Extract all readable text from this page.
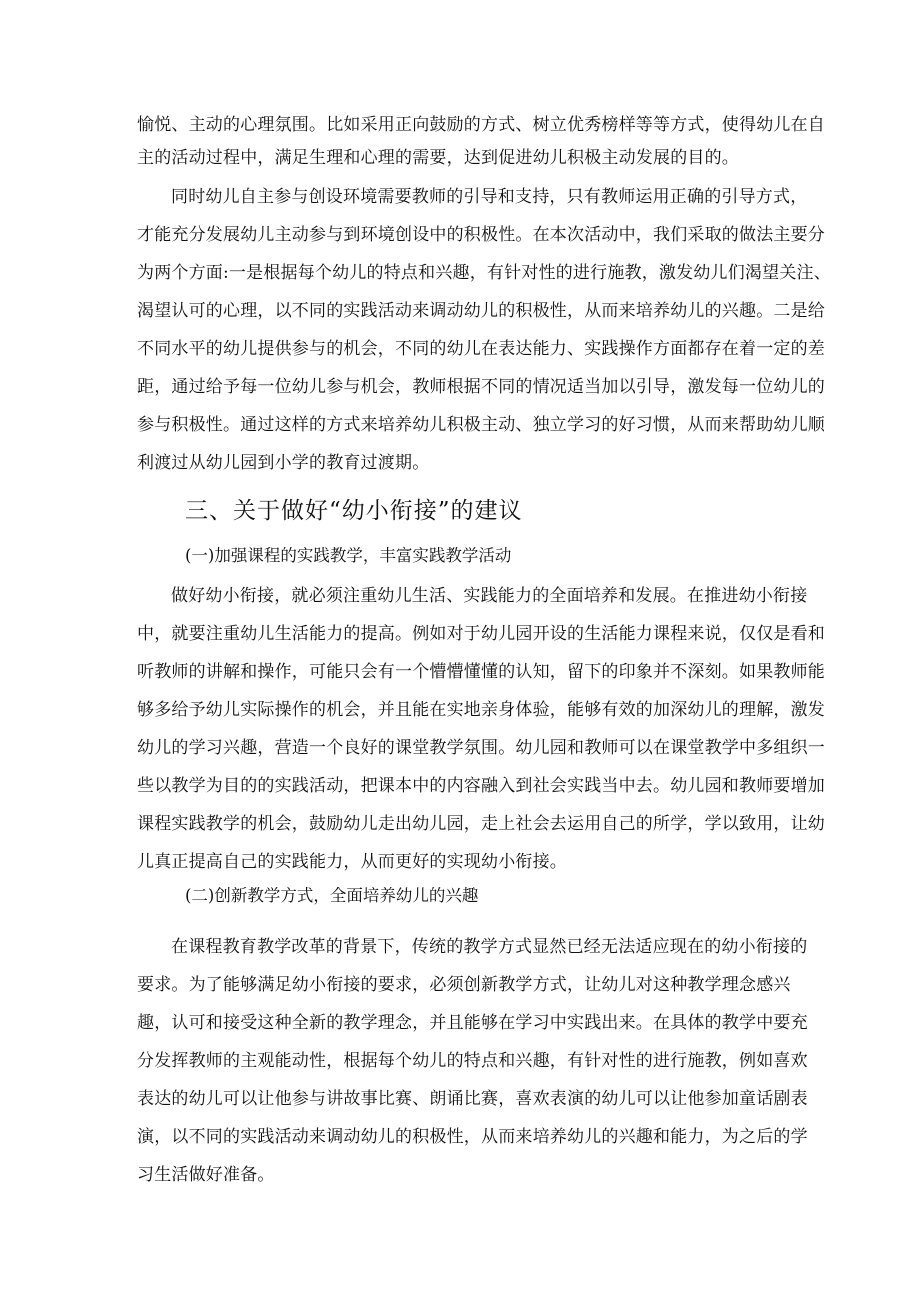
愉悦、主动的心理氛围。比如采用正向鼓励的方式、树立优秀榜样等等方式，使得幼儿在自
主的活动过程中，满足生理和心理的需要，达到促进幼儿积极主动发展的目的。
同时幼儿自主参与创设环境需要教师的引导和支持，只有教师运用正确的引导方式，
才能充分发展幼儿主动参与到环境创设中的积极性。在本次活动中，我们采取的做法主要分
为两个方面:一是根据每个幼儿的特点和兴趣，有针对性的进行施教，激发幼儿们渴望关注、
渴望认可的心理，以不同的实践活动来调动幼儿的积极性，从而来培养幼儿的兴趣。二是给
不同水平的幼儿提供参与的机会，不同的幼儿在表达能力、实践操作方面都存在着一定的差
距，通过给予每一位幼儿参与机会，教师根据不同的情况适当加以引导，激发每一位幼儿的
参与积极性。通过这样的方式来培养幼儿积极主动、独立学习的好习惯，从而来帮助幼儿顺
利渡过从幼儿园到小学的教育过渡期。
三、关于做好“幼小衔接”的建议
(一)加强课程的实践教学，丰富实践教学活动
做好幼小衔接，就必须注重幼儿生活、实践能力的全面培养和发展。在推进幼小衔接
中，就要注重幼儿生活能力的提高。例如对于幼儿园开设的生活能力课程来说，仅仅是看和
听教师的讲解和操作，可能只会有一个懵懵懂懂的认知，留下的印象并不深刻。如果教师能
够多给予幼儿实际操作的机会，并且能在实地亲身体验，能够有效的加深幼儿的理解，激发
幼儿的学习兴趣，营造一个良好的课堂教学氛围。幼儿园和教师可以在课堂教学中多组织一
些以教学为目的的实践活动，把课本中的内容融入到社会实践当中去。幼儿园和教师要增加
课程实践教学的机会，鼓励幼儿走出幼儿园，走上社会去运用自己的所学，学以致用，让幼
儿真正提高自己的实践能力，从而更好的实现幼小衔接。
(二)创新教学方式，全面培养幼儿的兴趣
在课程教育教学改革的背景下，传统的教学方式显然已经无法适应现在的幼小衔接的
要求。为了能够满足幼小衔接的要求，必须创新教学方式，让幼儿对这种教学理念感兴
趣，认可和接受这种全新的教学理念，并且能够在学习中实践出来。在具体的教学中要充
分发挥教师的主观能动性，根据每个幼儿的特点和兴趣，有针对性的进行施教，例如喜欢
表达的幼儿可以让他参与讲故事比赛、朗诵比赛，喜欢表演的幼儿可以让他参加童话剧表
演，以不同的实践活动来调动幼儿的积极性，从而来培养幼儿的兴趣和能力，为之后的学
习生活做好准备。
